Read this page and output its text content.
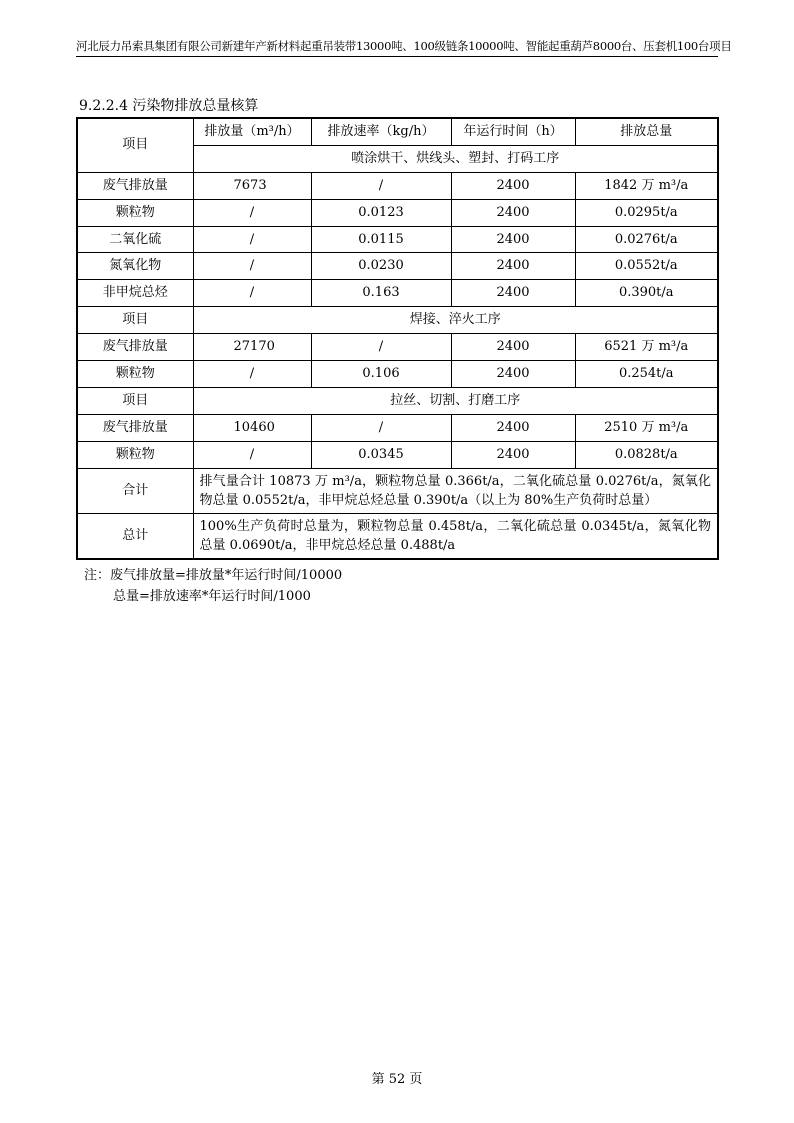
河北辰力吊索具集团有限公司新建年产新材料起重吊装带13000吨、100级链条10000吨、智能起重葫芦8000台、压套机100台项目
9.2.2.4 污染物排放总量核算
项目	排放量（m³/h）	排放速率（kg/h）	年运行时间（h）	排放总量
	喷涂烘干、烘线头、塑封、打码工序			
废气排放量	7673	/	2400	1842 万 m³/a
颗粒物	/	0.0123	2400	0.0295t/a
二氧化硫	/	0.0115	2400	0.0276t/a
氮氧化物	/	0.0230	2400	0.0552t/a
非甲烷总烃	/	0.163	2400	0.390t/a
项目	焊接、淬火工序			
废气排放量	27170	/	2400	6521 万 m³/a
颗粒物	/	0.106	2400	0.254t/a
项目	拉丝、切割、打磨工序			
废气排放量	10460	/	2400	2510 万 m³/a
颗粒物	/	0.0345	2400	0.0828t/a
合计	排气量合计 10873 万 m³/a，颗粒物总量 0.366t/a，二氧化硫总量 0.0276t/a，氮氧化物总量 0.0552t/a，非甲烷总烃总量 0.390t/a（以上为 80%生产负荷时总量）			
总计	100%生产负荷时总量为，颗粒物总量 0.458t/a，二氧化硫总量 0.0345t/a，氮氧化物总量 0.0690t/a，非甲烷总烃总量 0.488t/a			
注：废气排放量=排放量*年运行时间/10000
总量=排放速率*年运行时间/1000
第 52 页
